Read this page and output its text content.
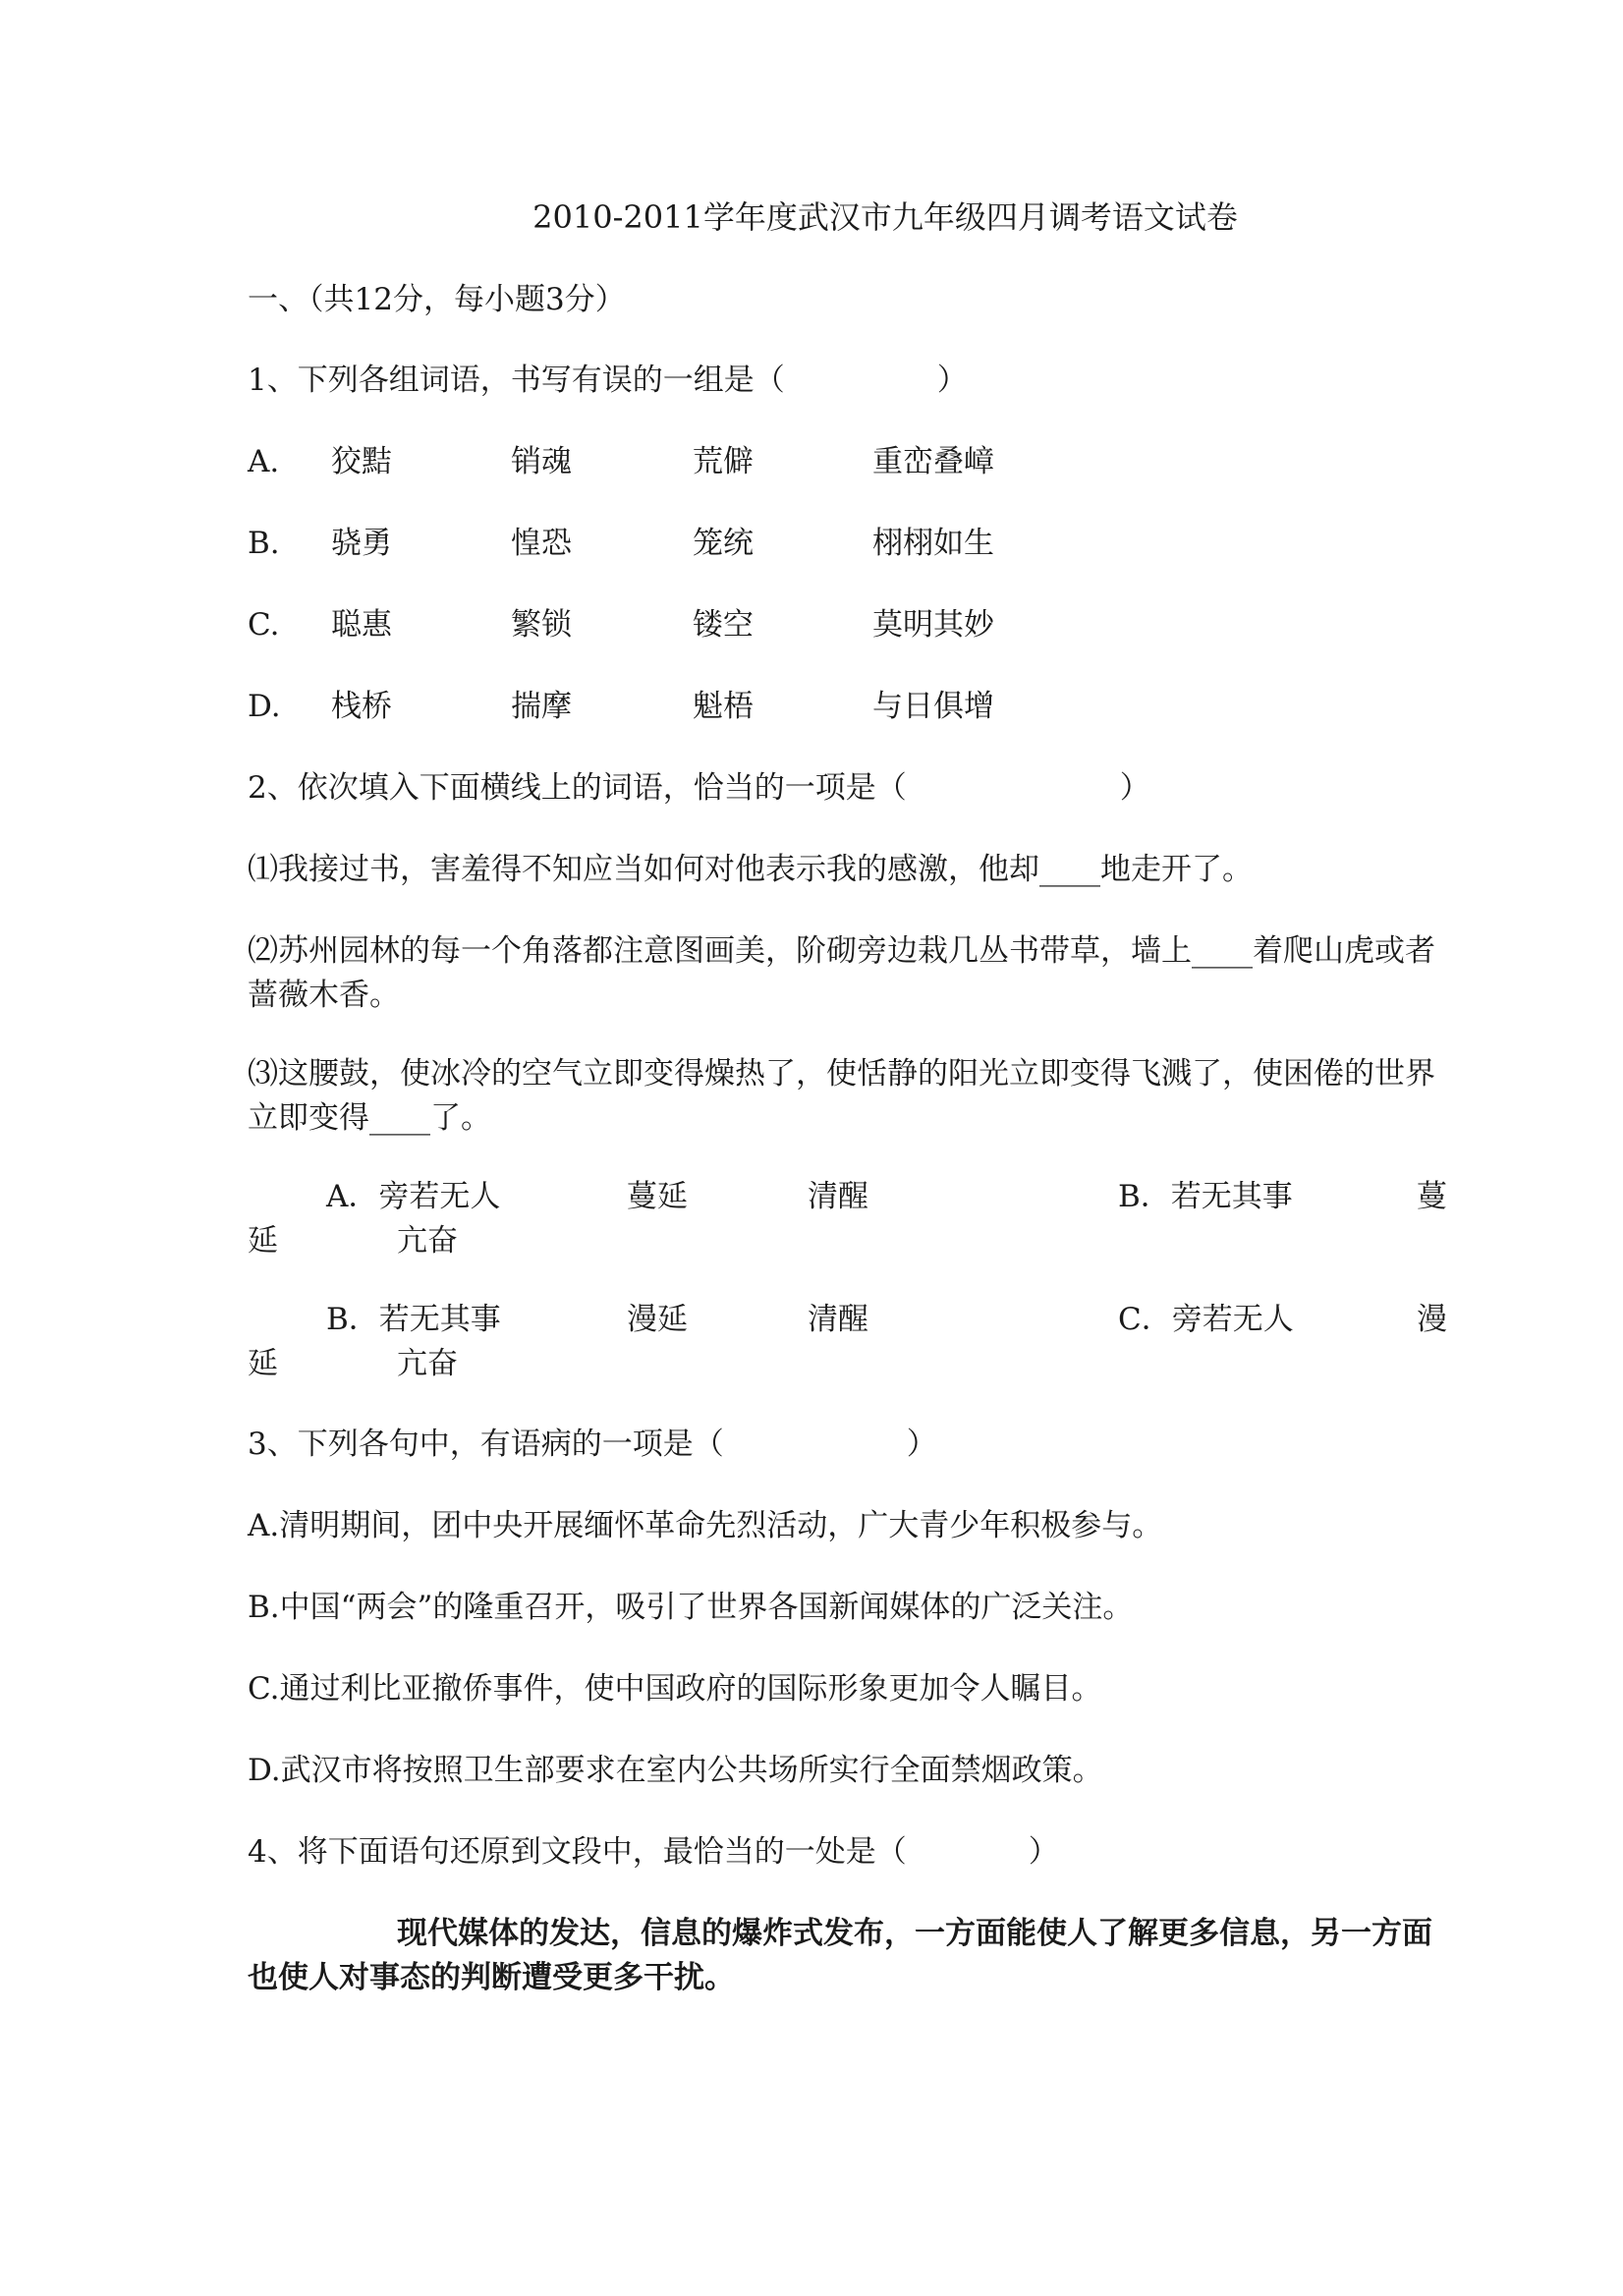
2010-2011学年度武汉市九年级四月调考语文试卷
一、（共12分，每小题3分）
1、下列各组词语，书写有误的一组是（　　　　　）
A. 狡黠	销魂	荒僻	重峦叠嶂
B. 骁勇	惶恐	笼统	栩栩如生
C. 聪惠	繁锁	镂空	莫明其妙
D. 栈桥	揣摩	魁梧	与日俱增
2、依次填入下面横线上的词语，恰当的一项是（　　　　　　　）
⑴我接过书，害羞得不知应当如何对他表示我的感激，他却____地走开了。
⑵苏州园林的每一个角落都注意图画美，阶砌旁边栽几丛书带草，墙上____着爬山虎或者
蔷薇木香。
⑶这腰鼓，使冰冷的空气立即变得燥热了，使恬静的阳光立即变得飞溅了，使困倦的世界
立即变得____了。
A．旁若无人	蔓延	清醒	B．若无其事	蔓
延	亢奋
B．若无其事	漫延	清醒	C．旁若无人	漫
延	亢奋
3、下列各句中，有语病的一项是（　　　　　　）
A.清明期间，团中央开展缅怀革命先烈活动，广大青少年积极参与。
B.中国“两会”的隆重召开，吸引了世界各国新闻媒体的广泛关注。
C.通过利比亚撤侨事件，使中国政府的国际形象更加令人瞩目。
D.武汉市将按照卫生部要求在室内公共场所实行全面禁烟政策。
4、将下面语句还原到文段中，最恰当的一处是（　　　　）
现代媒体的发达，信息的爆炸式发布，一方面能使人了解更多信息，另一方面
也使人对事态的判断遭受更多干扰。
